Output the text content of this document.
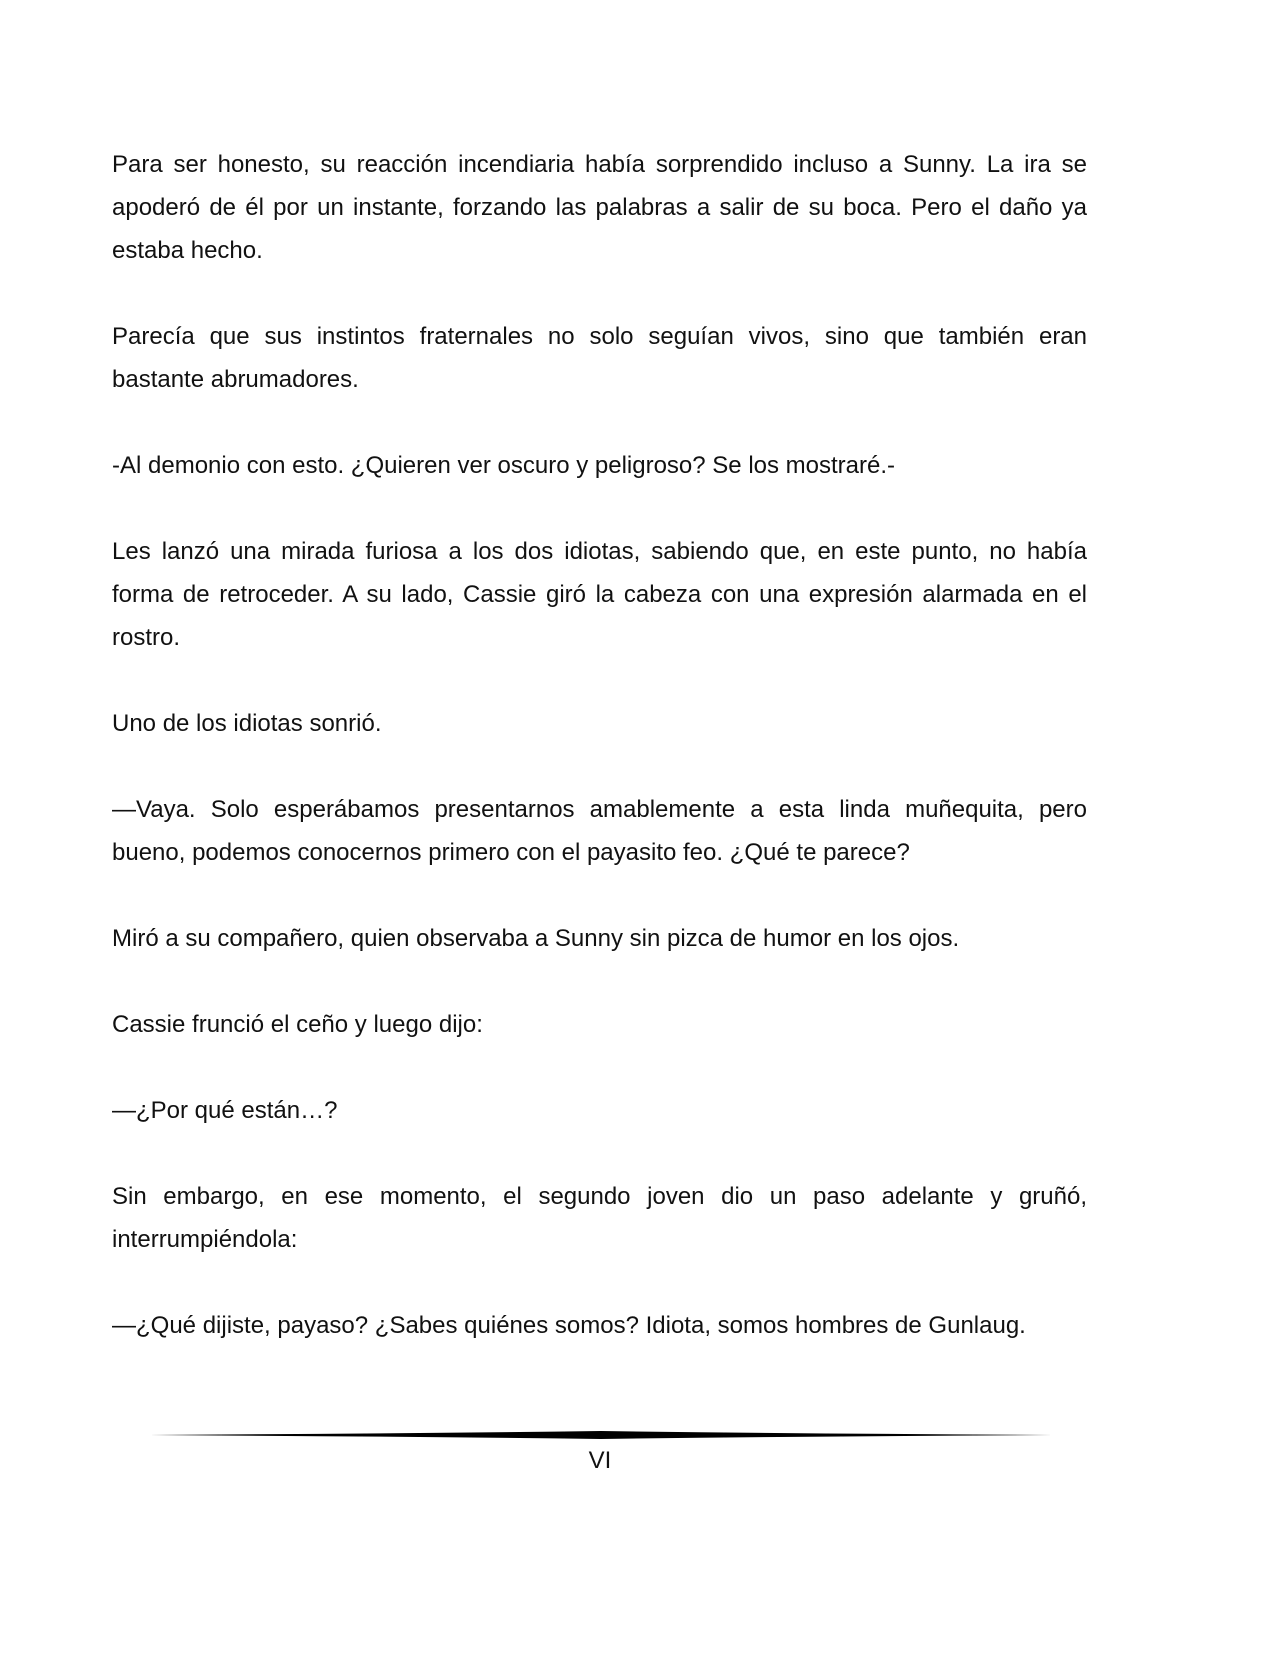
Para ser honesto, su reacción incendiaria había sorprendido incluso a Sunny. La ira se apoderó de él por un instante, forzando las palabras a salir de su boca. Pero el daño ya estaba hecho.

Parecía que sus instintos fraternales no solo seguían vivos, sino que también eran bastante abrumadores.

-Al demonio con esto. ¿Quieren ver oscuro y peligroso? Se los mostraré.-

Les lanzó una mirada furiosa a los dos idiotas, sabiendo que, en este punto, no había forma de retroceder. A su lado, Cassie giró la cabeza con una expresión alarmada en el rostro.

Uno de los idiotas sonrió.

—Vaya. Solo esperábamos presentarnos amablemente a esta linda muñequita, pero bueno, podemos conocernos primero con el payasito feo. ¿Qué te parece?

Miró a su compañero, quien observaba a Sunny sin pizca de humor en los ojos.

Cassie frunció el ceño y luego dijo:

—¿Por qué están…?

Sin embargo, en ese momento, el segundo joven dio un paso adelante y gruñó, interrumpiéndola:

—¿Qué dijiste, payaso? ¿Sabes quiénes somos? Idiota, somos hombres de Gunlaug.

VI
